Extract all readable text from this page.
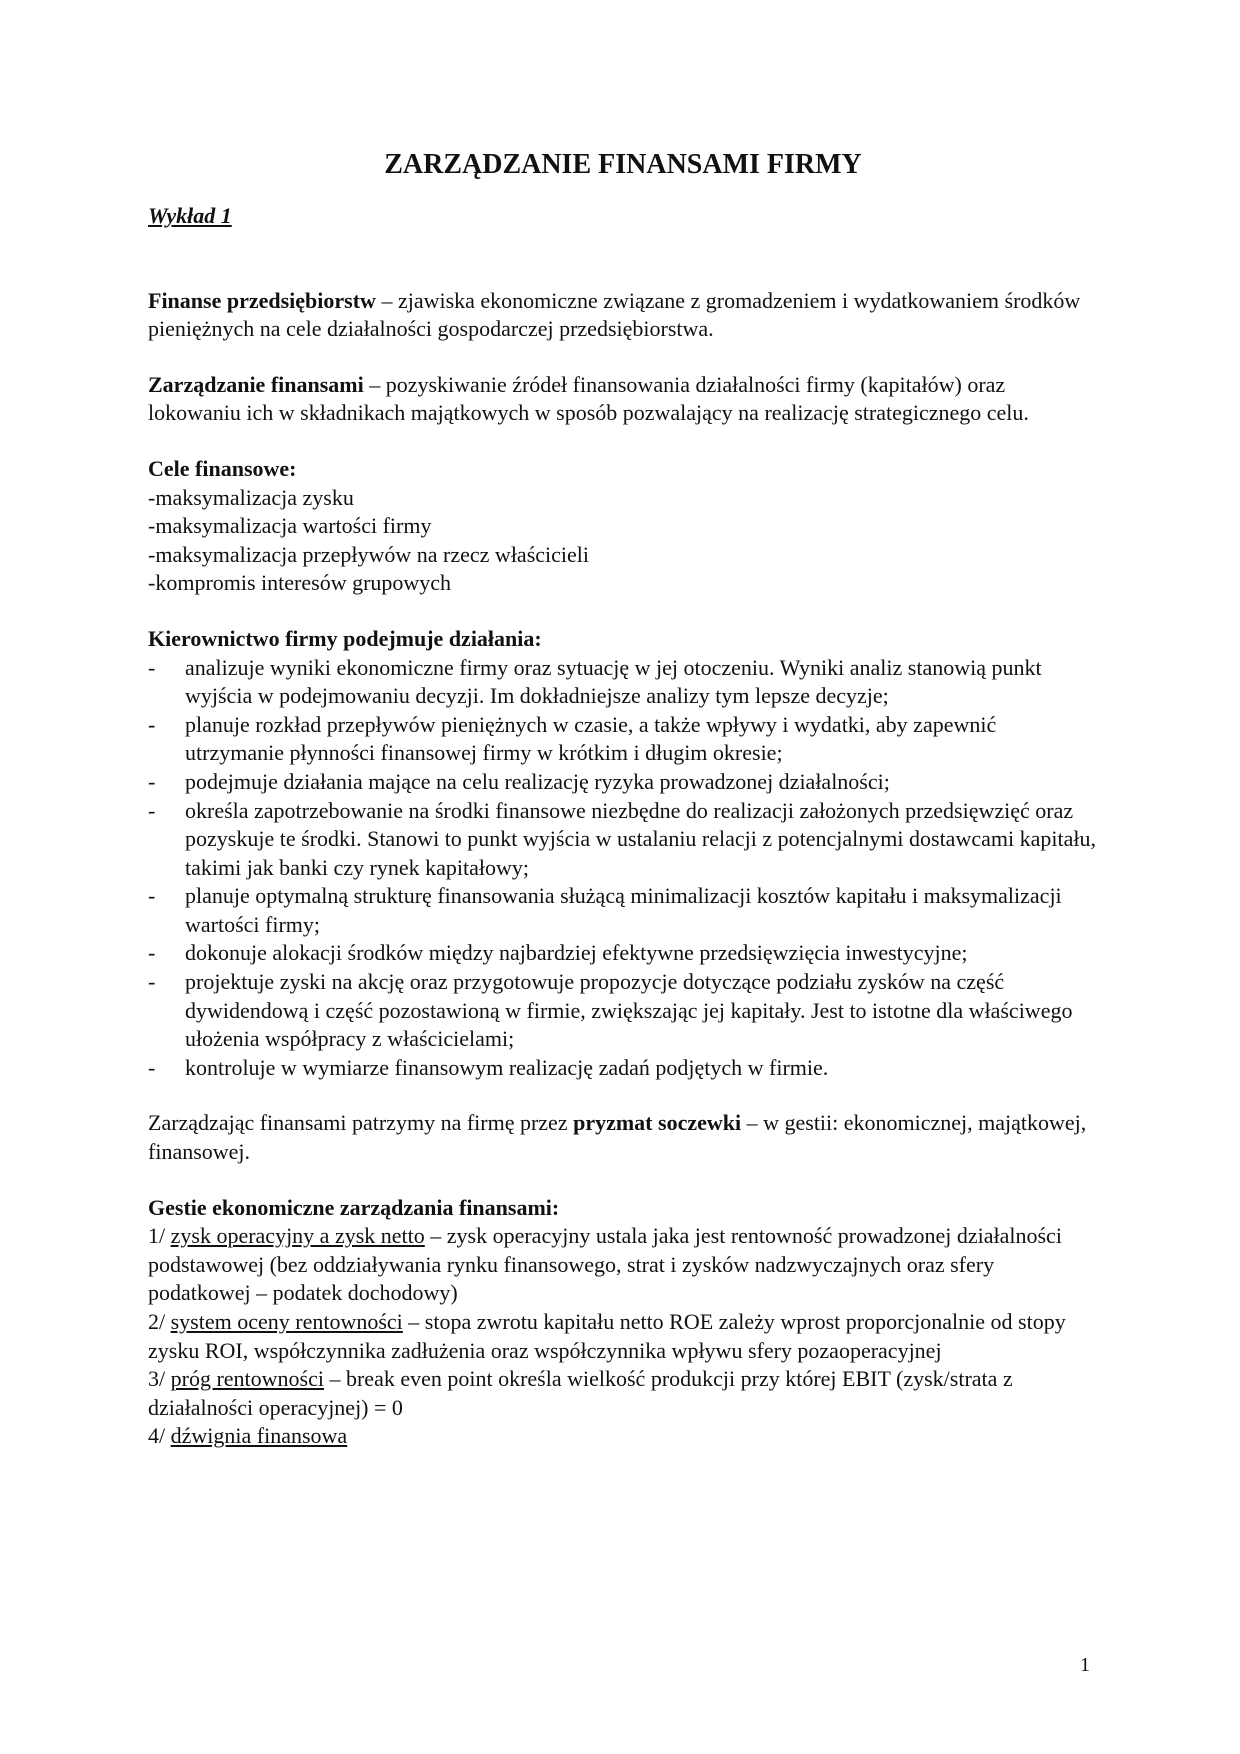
ZARZĄDZANIE FINANSAMI FIRMY

Wykład 1

Finanse przedsiębiorstw – zjawiska ekonomiczne związane z gromadzeniem i wydatkowaniem środków pieniężnych na cele działalności gospodarczej przedsiębiorstwa.

Zarządzanie finansami – pozyskiwanie źródeł finansowania działalności firmy (kapitałów) oraz lokowaniu ich w składnikach majątkowych w sposób pozwalający na realizację strategicznego celu.

Cele finansowe:

-maksymalizacja zysku

-maksymalizacja wartości firmy

-maksymalizacja przepływów na rzecz właścicieli

-kompromis interesów grupowych

Kierownictwo firmy podejmuje działania:

- analizuje wyniki ekonomiczne firmy oraz sytuację w jej otoczeniu. Wyniki analiz stanowią punkt wyjścia w podejmowaniu decyzji. Im dokładniejsze analizy tym lepsze decyzje;
- planuje rozkład przepływów pieniężnych w czasie, a także wpływy i wydatki, aby zapewnić utrzymanie płynności finansowej firmy w krótkim i długim okresie;
- podejmuje działania mające na celu realizację ryzyka prowadzonej działalności;
- określa zapotrzebowanie na środki finansowe niezbędne do realizacji założonych przedsięwzięć oraz pozyskuje te środki. Stanowi to punkt wyjścia w ustalaniu relacji z potencjalnymi dostawcami kapitału, takimi jak banki czy rynek kapitałowy;
- planuje optymalną strukturę finansowania służącą minimalizacji kosztów kapitału i maksymalizacji wartości firmy;
- dokonuje alokacji środków między najbardziej efektywne przedsięwzięcia inwestycyjne;
- projektuje zyski na akcję oraz przygotowuje propozycje dotyczące podziału zysków na część dywidendową i część pozostawioną w firmie, zwiększając jej kapitały. Jest to istotne dla właściwego ułożenia współpracy z właścicielami;
- kontroluje w wymiarze finansowym realizację zadań podjętych w firmie.

Zarządzając finansami patrzymy na firmę przez pryzmat soczewki – w gestii: ekonomicznej, majątkowej, finansowej.

Gestie ekonomiczne zarządzania finansami:

1/ zysk operacyjny a zysk netto – zysk operacyjny ustala jaka jest rentowność prowadzonej działalności podstawowej (bez oddziaływania rynku finansowego, strat i zysków nadzwyczajnych oraz sfery podatkowej – podatek dochodowy)

2/ system oceny rentowności – stopa zwrotu kapitału netto ROE zależy wprost proporcjonalnie od stopy zysku ROI, współczynnika zadłużenia oraz współczynnika wpływu sfery pozaoperacyjnej

3/ próg rentowności – break even point określa wielkość produkcji przy której EBIT (zysk/strata z działalności operacyjnej) = 0

4/ dźwignia finansowa

1
